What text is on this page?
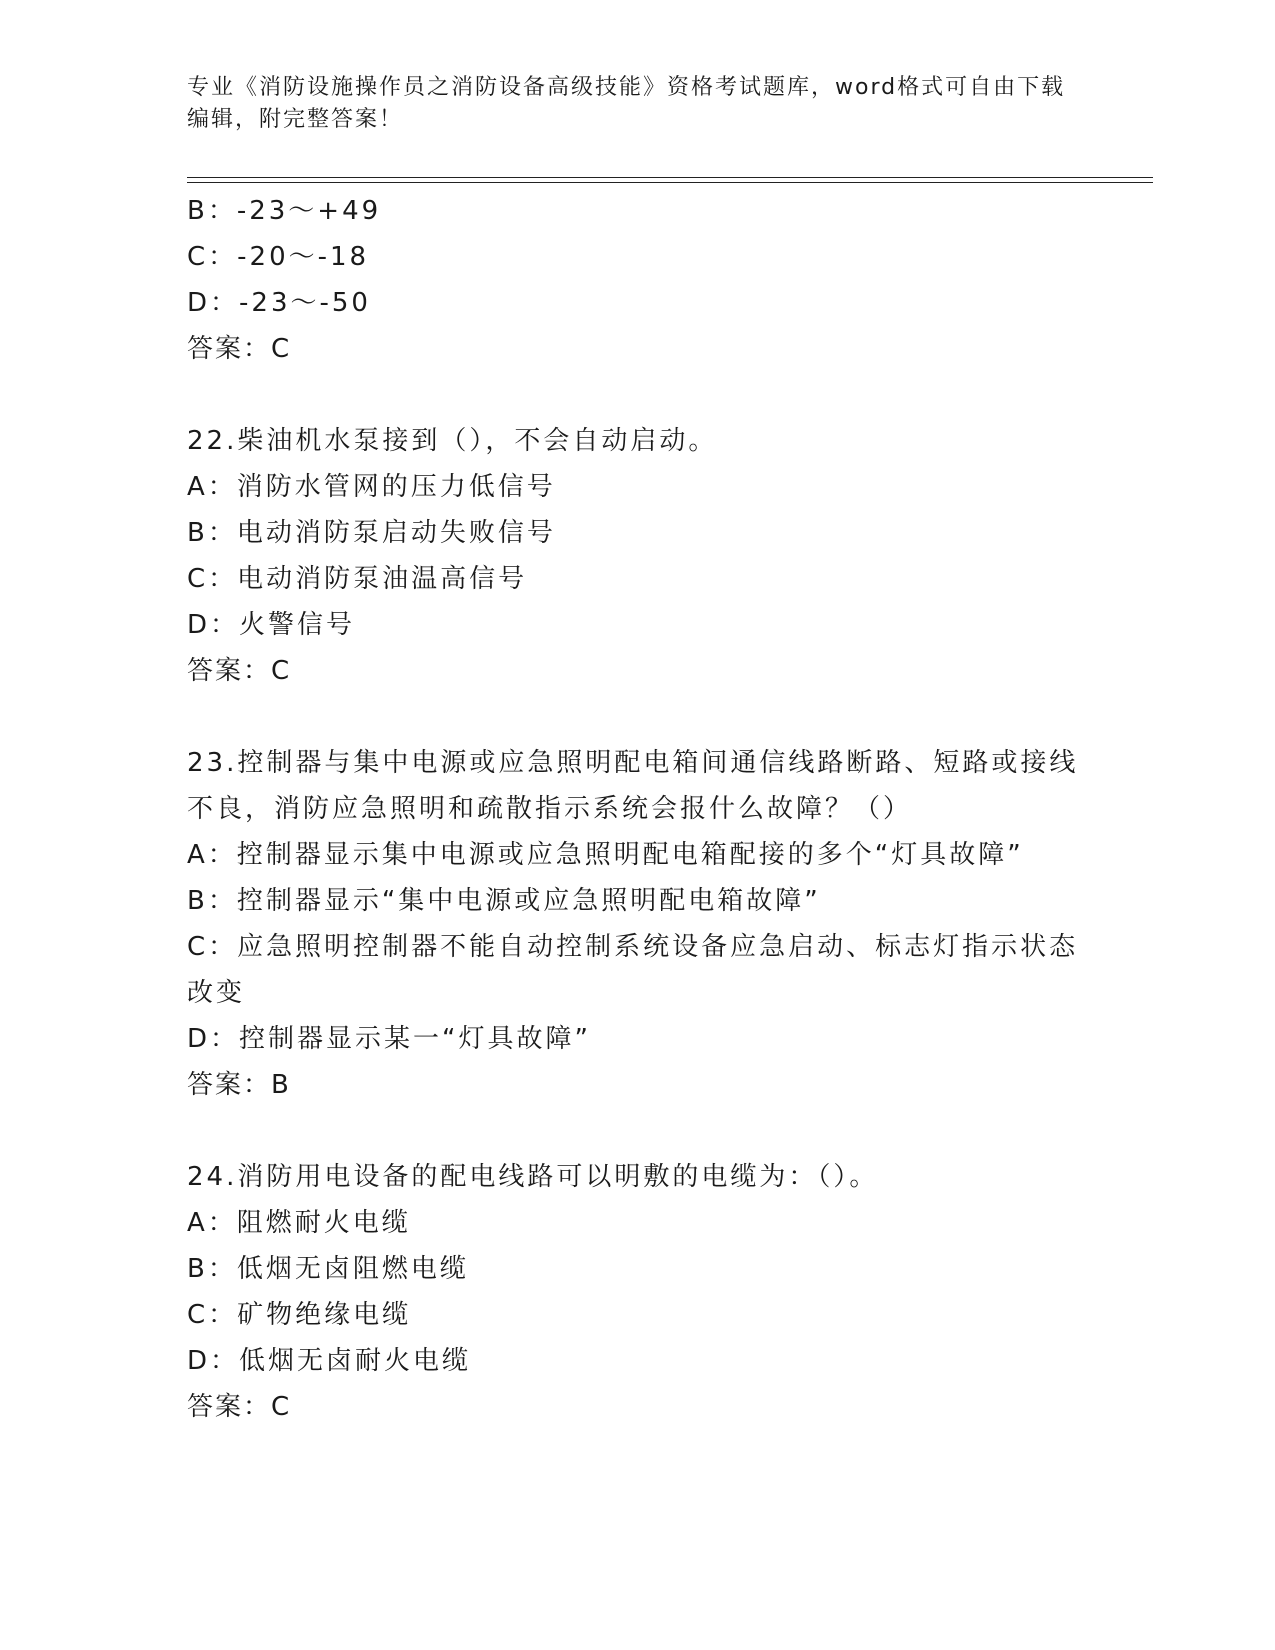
专业《消防设施操作员之消防设备高级技能》资格考试题库，word格式可自由下载编辑，附完整答案！
B：-23～+49
C：-20～-18
D：-23～-50
答案：C
22.柴油机水泵接到（），不会自动启动。
A：消防水管网的压力低信号
B：电动消防泵启动失败信号
C：电动消防泵油温高信号
D：火警信号
答案：C
23.控制器与集中电源或应急照明配电箱间通信线路断路、短路或接线不良，消防应急照明和疏散指示系统会报什么故障？（）
A：控制器显示集中电源或应急照明配电箱配接的多个“灯具故障”
B：控制器显示“集中电源或应急照明配电箱故障”
C：应急照明控制器不能自动控制系统设备应急启动、标志灯指示状态改变
D：控制器显示某一“灯具故障”
答案：B
24.消防用电设备的配电线路可以明敷的电缆为：（）。
A：阻燃耐火电缆
B：低烟无卤阻燃电缆
C：矿物绝缘电缆
D：低烟无卤耐火电缆
答案：C
